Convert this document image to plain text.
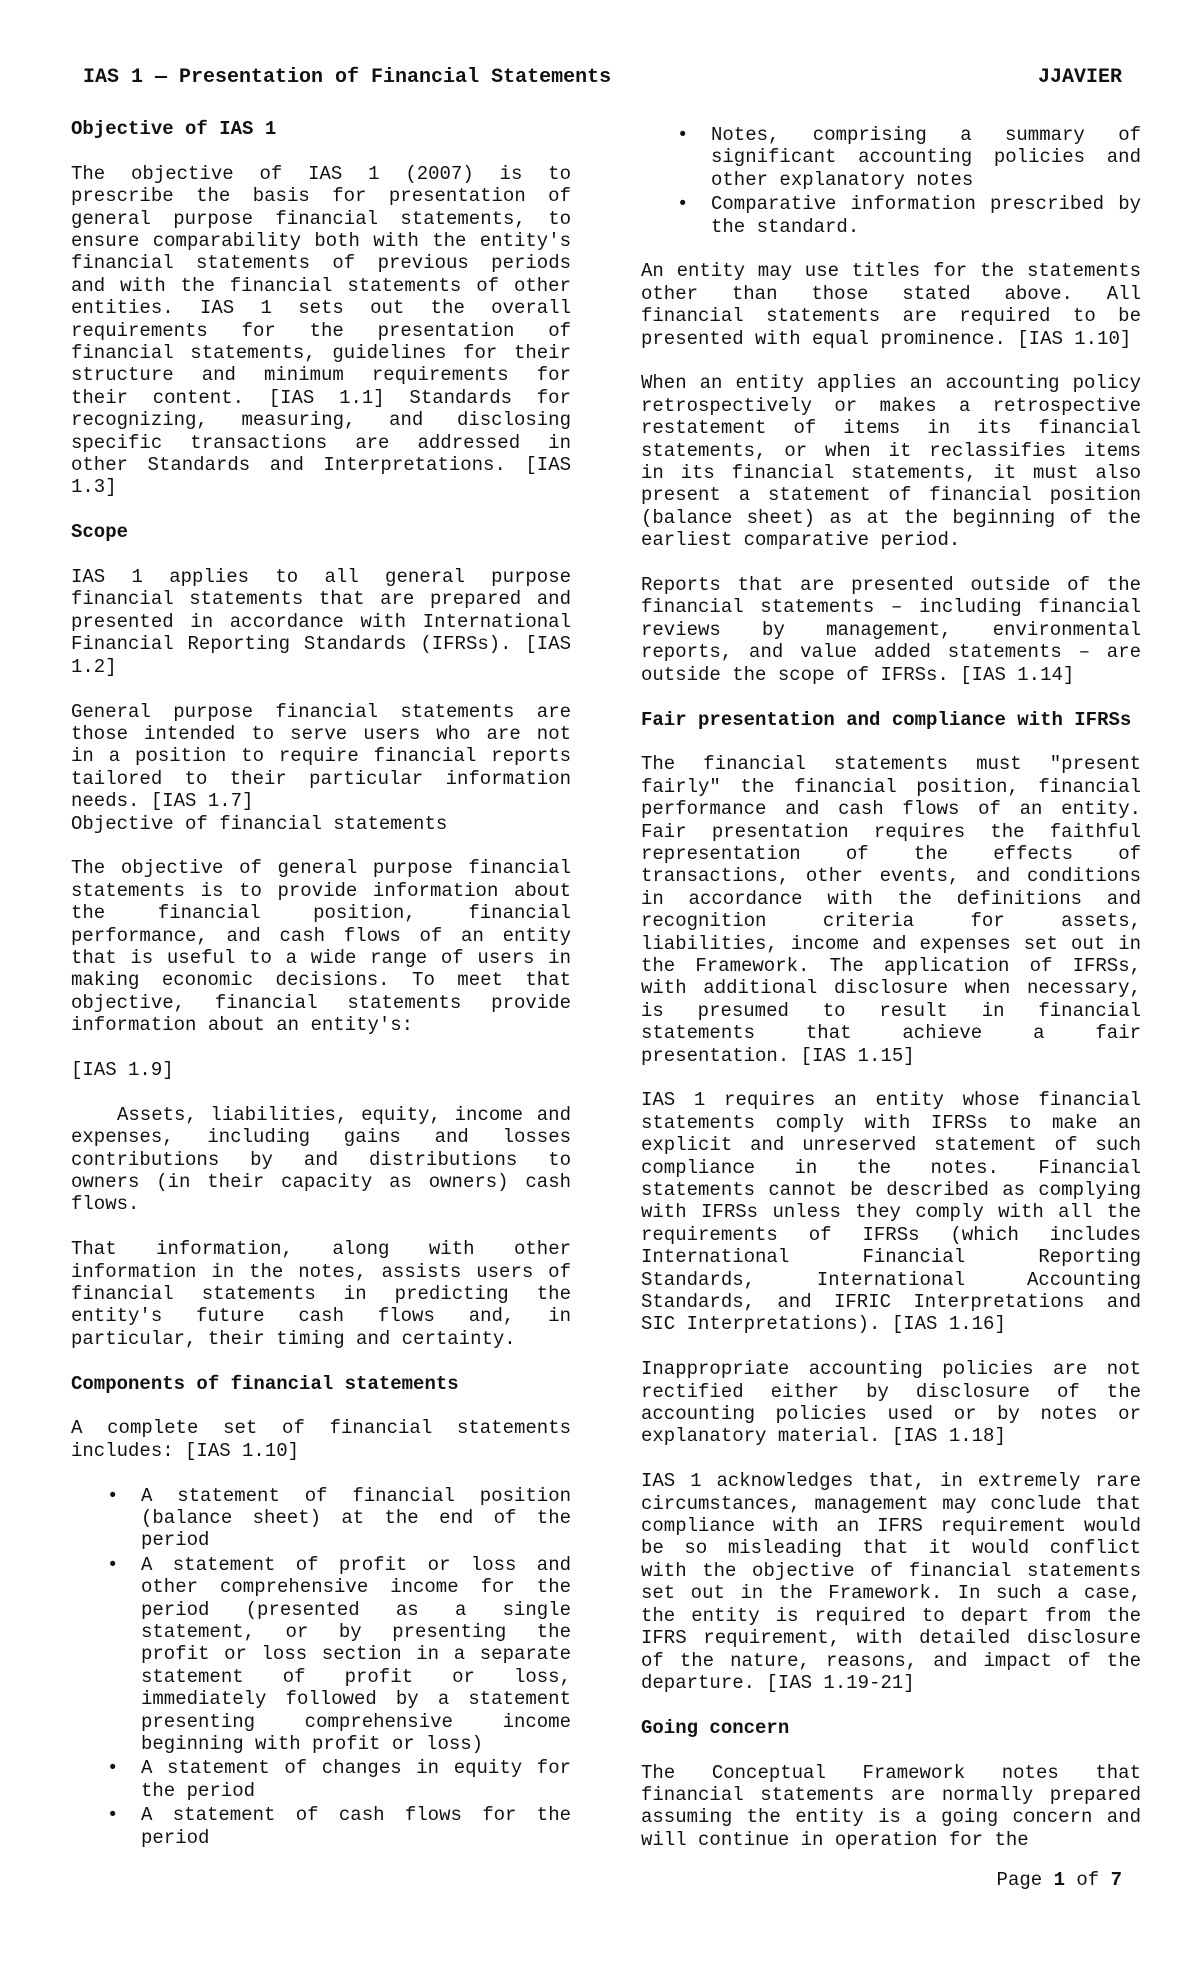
IAS 1 — Presentation of Financial Statements	JJAVIER
Objective of IAS 1

The objective of IAS 1 (2007) is to prescribe the basis for presentation of general purpose financial statements, to ensure comparability both with the entity's financial statements of previous periods and with the financial statements of other entities. IAS 1 sets out the overall requirements for the presentation of financial statements, guidelines for their structure and minimum requirements for their content. [IAS 1.1] Standards for recognizing, measuring, and disclosing specific transactions are addressed in other Standards and Interpretations. [IAS 1.3]

Scope

IAS 1 applies to all general purpose financial statements that are prepared and presented in accordance with International Financial Reporting Standards (IFRSs). [IAS 1.2]

General purpose financial statements are those intended to serve users who are not in a position to require financial reports tailored to their particular information needs. [IAS 1.7]

Objective of financial statements

The objective of general purpose financial statements is to provide information about the financial position, financial performance, and cash flows of an entity that is useful to a wide range of users in making economic decisions. To meet that objective, financial statements provide information about an entity's:

[IAS 1.9]

Assets, liabilities, equity, income and expenses, including gains and losses contributions by and distributions to owners (in their capacity as owners) cash flows.

That information, along with other information in the notes, assists users of financial statements in predicting the entity's future cash flows and, in particular, their timing and certainty.

Components of financial statements

A complete set of financial statements includes: [IAS 1.10]

• A statement of financial position (balance sheet) at the end of the period
• A statement of profit or loss and other comprehensive income for the period (presented as a single statement, or by presenting the profit or loss section in a separate statement of profit or loss, immediately followed by a statement presenting comprehensive income beginning with profit or loss)
• A statement of changes in equity for the period
• A statement of cash flows for the period
• Notes, comprising a summary of significant accounting policies and other explanatory notes
• Comparative information prescribed by the standard.

An entity may use titles for the statements other than those stated above. All financial statements are required to be presented with equal prominence. [IAS 1.10]

When an entity applies an accounting policy retrospectively or makes a retrospective restatement of items in its financial statements, or when it reclassifies items in its financial statements, it must also present a statement of financial position (balance sheet) as at the beginning of the earliest comparative period.

Reports that are presented outside of the financial statements – including financial reviews by management, environmental reports, and value added statements – are outside the scope of IFRSs. [IAS 1.14]

Fair presentation and compliance with IFRSs

The financial statements must "present fairly" the financial position, financial performance and cash flows of an entity. Fair presentation requires the faithful representation of the effects of transactions, other events, and conditions in accordance with the definitions and recognition criteria for assets, liabilities, income and expenses set out in the Framework. The application of IFRSs, with additional disclosure when necessary, is presumed to result in financial statements that achieve a fair presentation. [IAS 1.15]

IAS 1 requires an entity whose financial statements comply with IFRSs to make an explicit and unreserved statement of such compliance in the notes. Financial statements cannot be described as complying with IFRSs unless they comply with all the requirements of IFRSs (which includes International Financial Reporting Standards, International Accounting Standards, and IFRIC Interpretations and SIC Interpretations). [IAS 1.16]

Inappropriate accounting policies are not rectified either by disclosure of the accounting policies used or by notes or explanatory material. [IAS 1.18]

IAS 1 acknowledges that, in extremely rare circumstances, management may conclude that compliance with an IFRS requirement would be so misleading that it would conflict with the objective of financial statements set out in the Framework. In such a case, the entity is required to depart from the IFRS requirement, with detailed disclosure of the nature, reasons, and impact of the departure. [IAS 1.19-21]

Going concern

The Conceptual Framework notes that financial statements are normally prepared assuming the entity is a going concern and will continue in operation for the

Page 1 of 7
